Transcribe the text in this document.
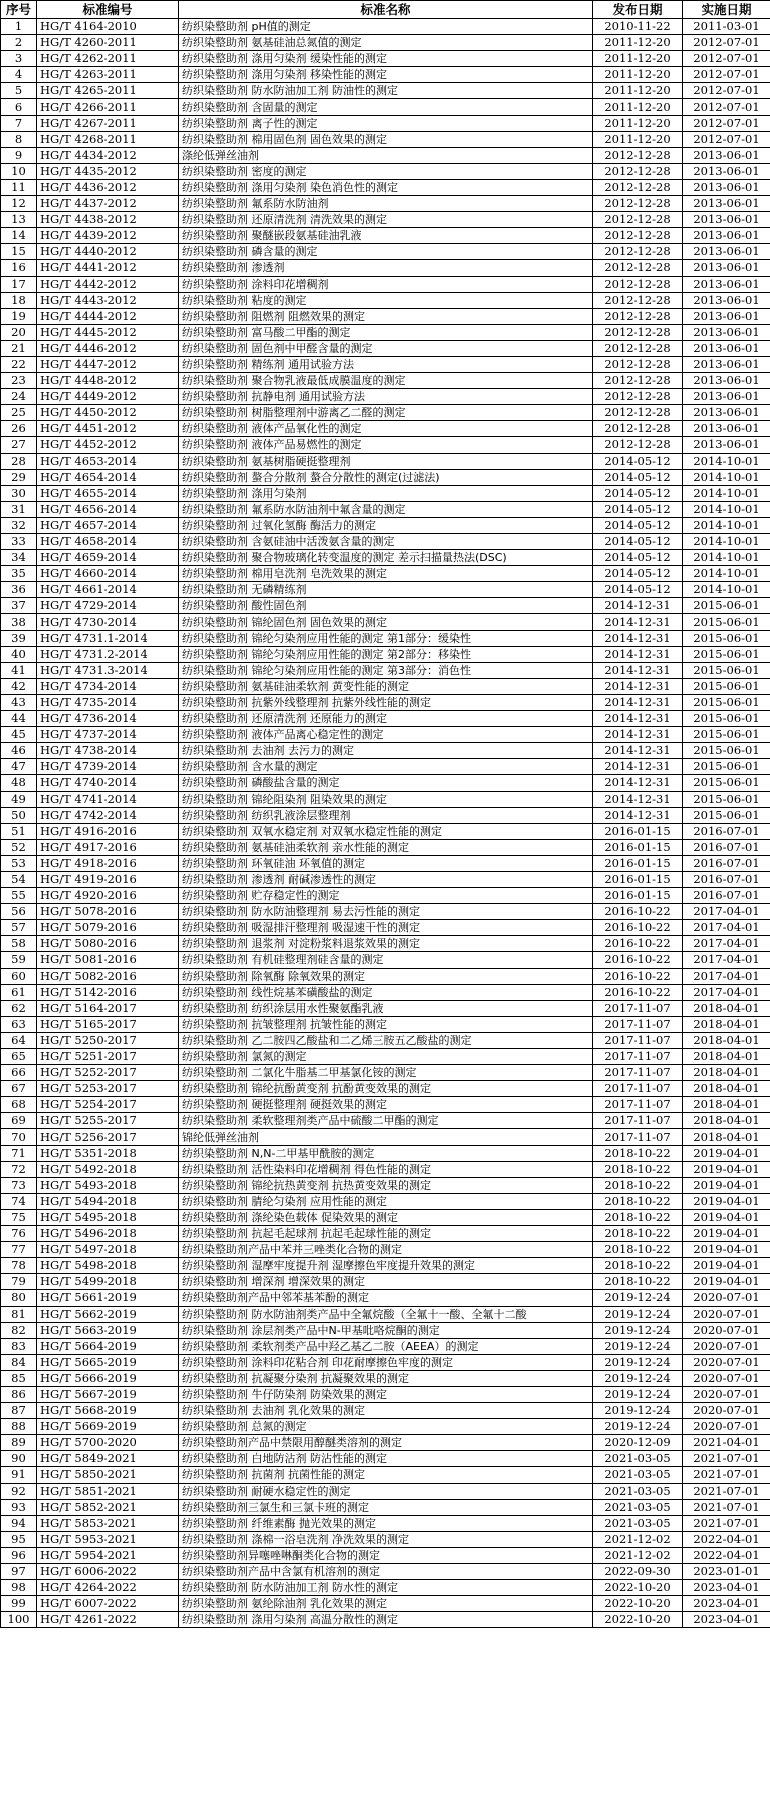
序号	标准编号	标准名称	发布日期	实施日期
1	HG/T 4164-2010	纺织染整助剂 pH值的测定	2010-11-22	2011-03-01
2	HG/T 4260-2011	纺织染整助剂 氨基硅油总氮值的测定	2011-12-20	2012-07-01
3	HG/T 4262-2011	纺织染整助剂 涤用匀染剂 缓染性能的测定	2011-12-20	2012-07-01
4	HG/T 4263-2011	纺织染整助剂 涤用匀染剂 移染性能的测定	2011-12-20	2012-07-01
5	HG/T 4265-2011	纺织染整助剂 防水防油加工剂 防油性的测定	2011-12-20	2012-07-01
6	HG/T 4266-2011	纺织染整助剂 含固量的测定	2011-12-20	2012-07-01
7	HG/T 4267-2011	纺织染整助剂 离子性的测定	2011-12-20	2012-07-01
8	HG/T 4268-2011	纺织染整助剂 棉用固色剂 固色效果的测定	2011-12-20	2012-07-01
9	HG/T 4434-2012	涤纶低弹丝油剂	2012-12-28	2013-06-01
10	HG/T 4435-2012	纺织染整助剂 密度的测定	2012-12-28	2013-06-01
11	HG/T 4436-2012	纺织染整助剂 涤用匀染剂 染色消色性的测定	2012-12-28	2013-06-01
12	HG/T 4437-2012	纺织染整助剂 氟系防水防油剂	2012-12-28	2013-06-01
13	HG/T 4438-2012	纺织染整助剂 还原清洗剂 清洗效果的测定	2012-12-28	2013-06-01
14	HG/T 4439-2012	纺织染整助剂 聚醚嵌段氨基硅油乳液	2012-12-28	2013-06-01
15	HG/T 4440-2012	纺织染整助剂 磷含量的测定	2012-12-28	2013-06-01
16	HG/T 4441-2012	纺织染整助剂 渗透剂	2012-12-28	2013-06-01
17	HG/T 4442-2012	纺织染整助剂 涂料印花增稠剂	2012-12-28	2013-06-01
18	HG/T 4443-2012	纺织染整助剂 粘度的测定	2012-12-28	2013-06-01
19	HG/T 4444-2012	纺织染整助剂 阻燃剂 阻燃效果的测定	2012-12-28	2013-06-01
20	HG/T 4445-2012	纺织染整助剂 富马酸二甲酯的测定	2012-12-28	2013-06-01
21	HG/T 4446-2012	纺织染整助剂 固色剂中甲醛含量的测定	2012-12-28	2013-06-01
22	HG/T 4447-2012	纺织染整助剂 精练剂 通用试验方法	2012-12-28	2013-06-01
23	HG/T 4448-2012	纺织染整助剂 聚合物乳液最低成膜温度的测定	2012-12-28	2013-06-01
24	HG/T 4449-2012	纺织染整助剂 抗静电剂 通用试验方法	2012-12-28	2013-06-01
25	HG/T 4450-2012	纺织染整助剂 树脂整理剂中游离乙二醛的测定	2012-12-28	2013-06-01
26	HG/T 4451-2012	纺织染整助剂 液体产品氧化性的测定	2012-12-28	2013-06-01
27	HG/T 4452-2012	纺织染整助剂 液体产品易燃性的测定	2012-12-28	2013-06-01
28	HG/T 4653-2014	纺织染整助剂 氨基树脂硬挺整理剂	2014-05-12	2014-10-01
29	HG/T 4654-2014	纺织染整助剂 螯合分散剂 螯合分散性的测定(过滤法)	2014-05-12	2014-10-01
30	HG/T 4655-2014	纺织染整助剂 涤用匀染剂	2014-05-12	2014-10-01
31	HG/T 4656-2014	纺织染整助剂 氟系防水防油剂中氟含量的测定	2014-05-12	2014-10-01
32	HG/T 4657-2014	纺织染整助剂 过氧化氢酶 酶活力的测定	2014-05-12	2014-10-01
33	HG/T 4658-2014	纺织染整助剂 含氨硅油中活泼氨含量的测定	2014-05-12	2014-10-01
34	HG/T 4659-2014	纺织染整助剂 聚合物玻璃化转变温度的测定 差示扫描量热法(DSC)	2014-05-12	2014-10-01
35	HG/T 4660-2014	纺织染整助剂 棉用皂洗剂 皂洗效果的测定	2014-05-12	2014-10-01
36	HG/T 4661-2014	纺织染整助剂 无磷精练剂	2014-05-12	2014-10-01
37	HG/T 4729-2014	纺织染整助剂 酸性固色剂	2014-12-31	2015-06-01
38	HG/T 4730-2014	纺织染整助剂 锦纶固色剂 固色效果的测定	2014-12-31	2015-06-01
39	HG/T 4731.1-2014	纺织染整助剂 锦纶匀染剂应用性能的测定 第1部分：缓染性	2014-12-31	2015-06-01
40	HG/T 4731.2-2014	纺织染整助剂 锦纶匀染剂应用性能的测定 第2部分：移染性	2014-12-31	2015-06-01
41	HG/T 4731.3-2014	纺织染整助剂 锦纶匀染剂应用性能的测定 第3部分：消色性	2014-12-31	2015-06-01
42	HG/T 4734-2014	纺织染整助剂 氨基硅油柔软剂 黄变性能的测定	2014-12-31	2015-06-01
43	HG/T 4735-2014	纺织染整助剂 抗紫外线整理剂 抗紫外线性能的测定	2014-12-31	2015-06-01
44	HG/T 4736-2014	纺织染整助剂 还原清洗剂 还原能力的测定	2014-12-31	2015-06-01
45	HG/T 4737-2014	纺织染整助剂 液体产品离心稳定性的测定	2014-12-31	2015-06-01
46	HG/T 4738-2014	纺织染整助剂 去油剂 去污力的测定	2014-12-31	2015-06-01
47	HG/T 4739-2014	纺织染整助剂 含水量的测定	2014-12-31	2015-06-01
48	HG/T 4740-2014	纺织染整助剂 磷酸盐含量的测定	2014-12-31	2015-06-01
49	HG/T 4741-2014	纺织染整助剂 锦纶阻染剂 阻染效果的测定	2014-12-31	2015-06-01
50	HG/T 4742-2014	纺织染整助剂 纺织乳液涂层整理剂	2014-12-31	2015-06-01
51	HG/T 4916-2016	纺织染整助剂 双氧水稳定剂 对双氧水稳定性能的测定	2016-01-15	2016-07-01
52	HG/T 4917-2016	纺织染整助剂 氨基硅油柔软剂 亲水性能的测定	2016-01-15	2016-07-01
53	HG/T 4918-2016	纺织染整助剂 环氧硅油 环氧值的测定	2016-01-15	2016-07-01
54	HG/T 4919-2016	纺织染整助剂 渗透剂 耐碱渗透性的测定	2016-01-15	2016-07-01
55	HG/T 4920-2016	纺织染整助剂 贮存稳定性的测定	2016-01-15	2016-07-01
56	HG/T 5078-2016	纺织染整助剂 防水防油整理剂 易去污性能的测定	2016-10-22	2017-04-01
57	HG/T 5079-2016	纺织染整助剂 吸湿排汗整理剂 吸湿速干性的测定	2016-10-22	2017-04-01
58	HG/T 5080-2016	纺织染整助剂 退浆剂 对淀粉浆料退浆效果的测定	2016-10-22	2017-04-01
59	HG/T 5081-2016	纺织染整助剂 有机硅整理剂硅含量的测定	2016-10-22	2017-04-01
60	HG/T 5082-2016	纺织染整助剂 除氧酶 除氧效果的测定	2016-10-22	2017-04-01
61	HG/T 5142-2016	纺织染整助剂 线性烷基苯磺酸盐的测定	2016-10-22	2017-04-01
62	HG/T 5164-2017	纺织染整助剂 纺织涂层用水性聚氨酯乳液	2017-11-07	2018-04-01
63	HG/T 5165-2017	纺织染整助剂 抗皱整理剂 抗皱性能的测定	2017-11-07	2018-04-01
64	HG/T 5250-2017	纺织染整助剂 乙二胺四乙酸盐和二乙烯三胺五乙酸盐的测定	2017-11-07	2018-04-01
65	HG/T 5251-2017	纺织染整助剂 氯氮的测定	2017-11-07	2018-04-01
66	HG/T 5252-2017	纺织染整助剂 二氯化牛脂基二甲基氯化铵的测定	2017-11-07	2018-04-01
67	HG/T 5253-2017	纺织染整助剂 锦纶抗酚黄变剂 抗酚黄变效果的测定	2017-11-07	2018-04-01
68	HG/T 5254-2017	纺织染整助剂 硬挺整理剂 硬挺效果的测定	2017-11-07	2018-04-01
69	HG/T 5255-2017	纺织染整助剂 柔软整理剂类产品中硫酸二甲酯的测定	2017-11-07	2018-04-01
70	HG/T 5256-2017	锦纶低弹丝油剂	2017-11-07	2018-04-01
71	HG/T 5351-2018	纺织染整助剂 N,N-二甲基甲酰胺的测定	2018-10-22	2019-04-01
72	HG/T 5492-2018	纺织染整助剂 活性染料印花增稠剂 得色性能的测定	2018-10-22	2019-04-01
73	HG/T 5493-2018	纺织染整助剂 锦纶抗热黄变剂 抗热黄变效果的测定	2018-10-22	2019-04-01
74	HG/T 5494-2018	纺织染整助剂 腈纶匀染剂 应用性能的测定	2018-10-22	2019-04-01
75	HG/T 5495-2018	纺织染整助剂 涤纶染色载体 促染效果的测定	2018-10-22	2019-04-01
76	HG/T 5496-2018	纺织染整助剂 抗起毛起球剂 抗起毛起球性能的测定	2018-10-22	2019-04-01
77	HG/T 5497-2018	纺织染整助剂产品中苯并三唑类化合物的测定	2018-10-22	2019-04-01
78	HG/T 5498-2018	纺织染整助剂 湿摩牢度提升剂 湿摩擦色牢度提升效果的测定	2018-10-22	2019-04-01
79	HG/T 5499-2018	纺织染整助剂 增深剂 增深效果的测定	2018-10-22	2019-04-01
80	HG/T 5661-2019	纺织染整助剂产品中邻苯基苯酚的测定	2019-12-24	2020-07-01
81	HG/T 5662-2019	纺织染整助剂 防水防油剂类产品中全氟烷酸（全氟十一酸、全氟十二酸	2019-12-24	2020-07-01
82	HG/T 5663-2019	纺织染整助剂 涂层剂类产品中N-甲基吡咯烷酮的测定	2019-12-24	2020-07-01
83	HG/T 5664-2019	纺织染整助剂 柔软剂类产品中羟乙基乙二胺（AEEA）的测定	2019-12-24	2020-07-01
84	HG/T 5665-2019	纺织染整助剂 涂料印花粘合剂 印花耐摩擦色牢度的测定	2019-12-24	2020-07-01
85	HG/T 5666-2019	纺织染整助剂 抗凝聚分染剂 抗凝聚效果的测定	2019-12-24	2020-07-01
86	HG/T 5667-2019	纺织染整助剂 牛仔防染剂 防染效果的测定	2019-12-24	2020-07-01
87	HG/T 5668-2019	纺织染整助剂 去油剂 乳化效果的测定	2019-12-24	2020-07-01
88	HG/T 5669-2019	纺织染整助剂 总氮的测定	2019-12-24	2020-07-01
89	HG/T 5700-2020	纺织染整助剂产品中禁限用醇醚类溶剂的测定	2020-12-09	2021-04-01
90	HG/T 5849-2021	纺织染整助剂 白地防沾剂 防沾性能的测定	2021-03-05	2021-07-01
91	HG/T 5850-2021	纺织染整助剂 抗菌剂 抗菌性能的测定	2021-03-05	2021-07-01
92	HG/T 5851-2021	纺织染整助剂 耐硬水稳定性的测定	2021-03-05	2021-07-01
93	HG/T 5852-2021	纺织染整助剂三氯生和三氯卡班的测定	2021-03-05	2021-07-01
94	HG/T 5853-2021	纺织染整助剂 纤维素酶 抛光效果的测定	2021-03-05	2021-07-01
95	HG/T 5953-2021	纺织染整助剂 涤棉一浴皂洗剂 净洗效果的测定	2021-12-02	2022-04-01
96	HG/T 5954-2021	纺织染整助剂异噻唑啉酮类化合物的测定	2021-12-02	2022-04-01
97	HG/T 6006-2022	纺织染整助剂产品中含氯有机溶剂的测定	2022-09-30	2023-01-01
98	HG/T 4264-2022	纺织染整助剂 防水防油加工剂 防水性的测定	2022-10-20	2023-04-01
99	HG/T 6007-2022	纺织染整助剂 氨纶除油剂 乳化效果的测定	2022-10-20	2023-04-01
100	HG/T 4261-2022	纺织染整助剂 涤用匀染剂 高温分散性的测定	2022-10-20	2023-04-01
